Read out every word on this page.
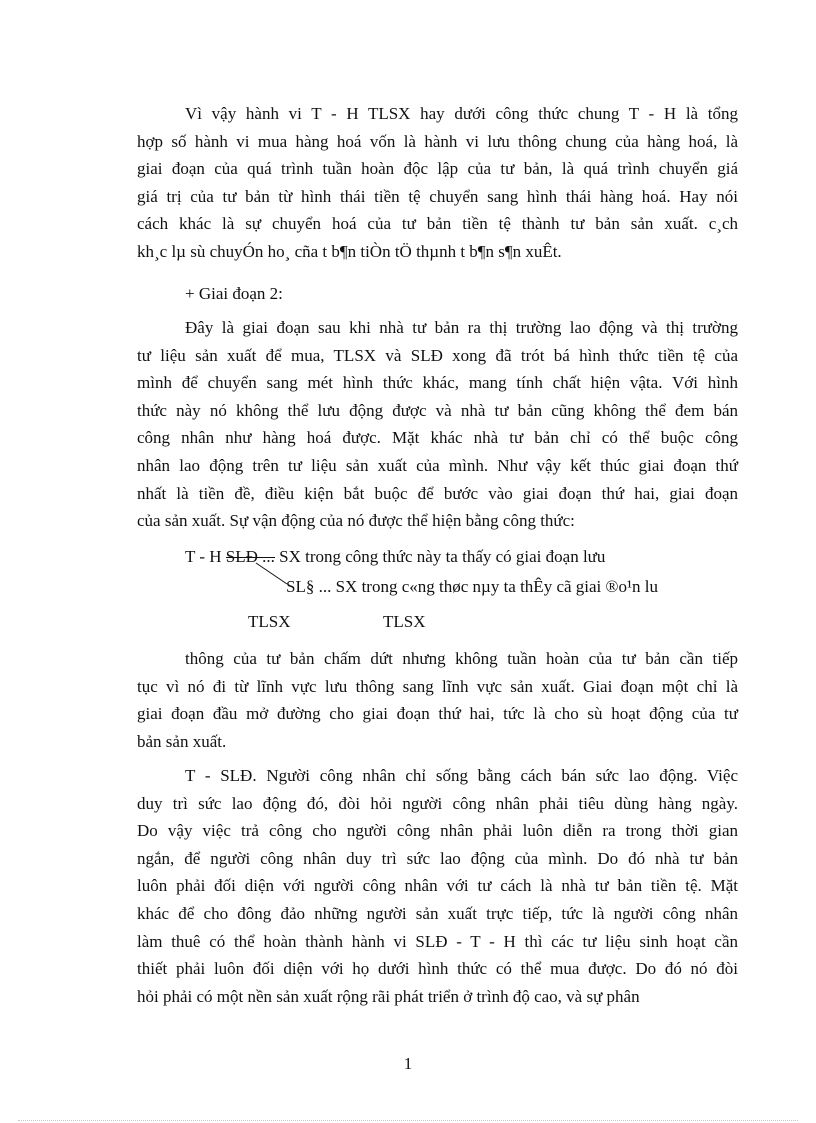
Vì vậy hành vi T - H TLSX hay dưới công thức chung T - H là tổng
hợp số hành vi mua hàng hoá vốn là hành vi lưu thông chung của hàng hoá, là
giai đoạn của quá trình tuần hoàn độc lập của tư bản, là quá trình chuyển giá
giá trị của tư bản từ hình thái tiền tệ chuyển sang hình thái hàng hoá. Hay nói
cách khác là sự chuyển hoá của tư bản tiền tệ thành tư bản sản xuất. c¸ch
kh¸c lµ sù chuyÓn ho¸ cña t b¶n tiÒn tÖ thµnh t b¶n s¶n xuÊt.

+ Giai đoạn 2:

Đây là giai đoạn sau khi nhà tư bản ra thị trường lao động và thị trường
tư liệu sản xuất để mua, TLSX và SLĐ xong đã trót bá hình thức tiền tệ của
mình để chuyển sang mét hình thức khác, mang tính chất hiện vậta. Với hình
thức này nó không thể lưu động được và nhà tư bản cũng không thể đem bán
công nhân như hàng hoá được. Mặt khác nhà tư bản chỉ có thể buộc công
nhân lao động trên tư liệu sản xuất của mình. Như vậy kết thúc giai đoạn thứ
nhất là tiền đề, điều kiện bắt buộc để bước vào giai đoạn thứ hai, giai đoạn
của sản xuất. Sự vận động của nó được thể hiện bằng công thức:

T - H SLĐ ... SX trong công thức này ta thấy có giai đoạn lưu

SL§ ... SX trong c«ng thøc nµy ta thÊy cã giai ®o¹n lu

TLSX	TLSX

thông của tư bản chấm dứt nhưng không tuần hoàn của tư bản cần tiếp
tục vì nó đi từ lĩnh vực lưu thông sang lĩnh vực sản xuất. Giai đoạn một chỉ là
giai đoạn đầu mở đường cho giai đoạn thứ hai, tức là cho sù hoạt động của tư
bản sản xuất.

T - SLĐ. Người công nhân chỉ sống bằng cách bán sức lao động. Việc
duy trì sức lao động đó, đòi hỏi người công nhân phải tiêu dùng hàng ngày.
Do vậy việc trả công cho người công nhân phải luôn diễn ra trong thời gian
ngắn, để người công nhân duy trì sức lao động của mình. Do đó nhà tư bản
luôn phải đối diện với người công nhân với tư cách là nhà tư bản tiền tệ. Mặt
khác để cho đông đảo những người sản xuất trực tiếp, tức là người công nhân
làm thuê có thể hoàn thành hành vi SLĐ - T - H thì các tư liệu sinh hoạt cần
thiết phải luôn đối diện với họ dưới hình thức có thể mua được. Do đó nó đòi
hỏi phải có một nền sản xuất rộng rãi phát triển ở trình độ cao, và sự phân

1
